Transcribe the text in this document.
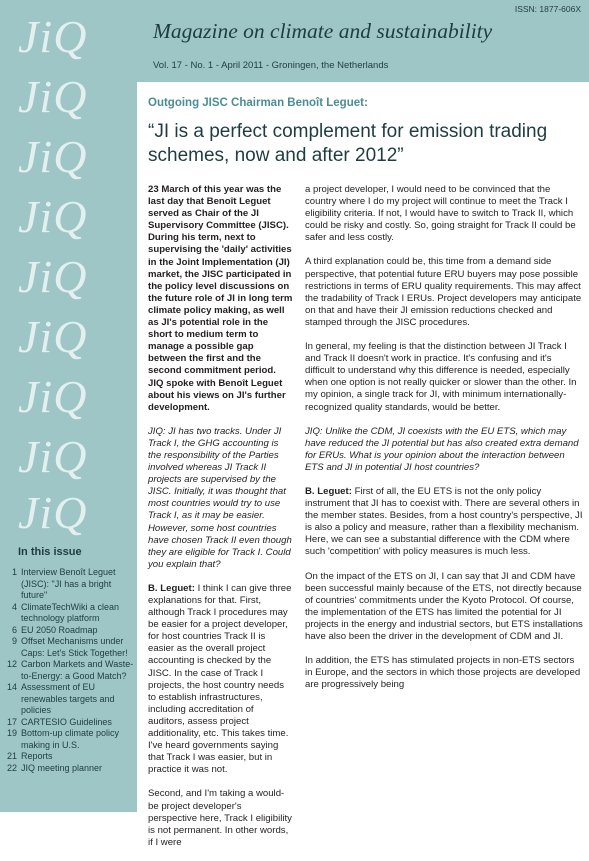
JiQ
JiQ
JiQ
JiQ
JiQ
JiQ
JiQ
JiQ
JiQ
In this issue
1 Interview Benoît Leguet (JISC): "JI has a bright future"
4 ClimateTechWiki a clean technology platform
6 EU 2050 Roadmap
9 Offset Mechanisms under Caps: Let's Stick Together!
12 Carbon Markets and Waste-to-Energy: a Good Match?
14 Assessment of EU renewables targets and policies
17 CARTESIO Guidelines
19 Bottom-up climate policy making in U.S.
21 Reports
22 JIQ meeting planner
ISSN: 1877-606X
Magazine on climate and sustainability
Vol. 17 - No. 1 - April 2011 - Groningen, the Netherlands
Outgoing JISC Chairman Benoît Leguet:
“JI is a perfect complement for emission trading schemes, now and after 2012”

23 March of this year was the last day that Benoît Leguet served as Chair of the JI Supervisory Committee (JISC). During his term, next to supervising the 'daily' activities in the Joint Implementation (JI) market, the JISC participated in the policy level discussions on the future role of JI in long term climate policy making, as well as JI's potential role in the short to medium term to manage a possible gap between the first and the second commitment period. JIQ spoke with Benoît Leguet about his views on JI's further development.

JIQ: JI has two tracks. Under JI Track I, the GHG accounting is the responsibility of the Parties involved whereas JI Track II projects are supervised by the JISC. Initially, it was thought that most countries would try to use Track I, as it may be easier. However, some host countries have chosen Track II even though they are eligible for Track I. Could you explain that?

B. Leguet: I think I can give three explanations for that. First, although Track I procedures may be easier for a project developer, for host countries Track II is easier as the overall project accounting is checked by the JISC. In the case of Track I projects, the host country needs to establish infrastructures, including accreditation of auditors, assess project additionality, etc. This takes time. I've heard governments saying that Track I was easier, but in practice it was not.

Second, and I'm taking a would-be project developer's perspective here, Track I eligibility is not permanent. In other words, if I were

a project developer, I would need to be convinced that the country where I do my project will continue to meet the Track I eligibility criteria. If not, I would have to switch to Track II, which could be risky and costly. So, going straight for Track II could be safer and less costly.

A third explanation could be, this time from a demand side perspective, that potential future ERU buyers may pose possible restrictions in terms of ERU quality requirements. This may affect the tradability of Track I ERUs. Project developers may anticipate on that and have their JI emission reductions checked and stamped through the JISC procedures.

In general, my feeling is that the distinction between JI Track I and Track II doesn't work in practice. It's confusing and it's difficult to understand why this difference is needed, especially when one option is not really quicker or slower than the other. In my opinion, a single track for JI, with minimum internationally-recognized quality standards, would be better.

JIQ: Unlike the CDM, JI coexists with the EU ETS, which may have reduced the JI potential but has also created extra demand for ERUs. What is your opinion about the interaction between ETS and JI in potential JI host countries?

B. Leguet: First of all, the EU ETS is not the only policy instrument that JI has to coexist with. There are several others in the member states. Besides, from a host country's perspective, JI is also a policy and measure, rather than a flexibility mechanism. Here, we can see a substantial difference with the CDM where such 'competition' with policy measures is much less.

On the impact of the ETS on JI, I can say that JI and CDM have been successful mainly because of the ETS, not directly because of countries' commitments under the Kyoto Protocol. Of course, the implementation of the ETS has limited the potential for JI projects in the energy and industrial sectors, but ETS installations have also been the driver in the development of CDM and JI.

In addition, the ETS has stimulated projects in non-ETS sectors in Europe, and the sectors in which those projects are developed are progressively being
